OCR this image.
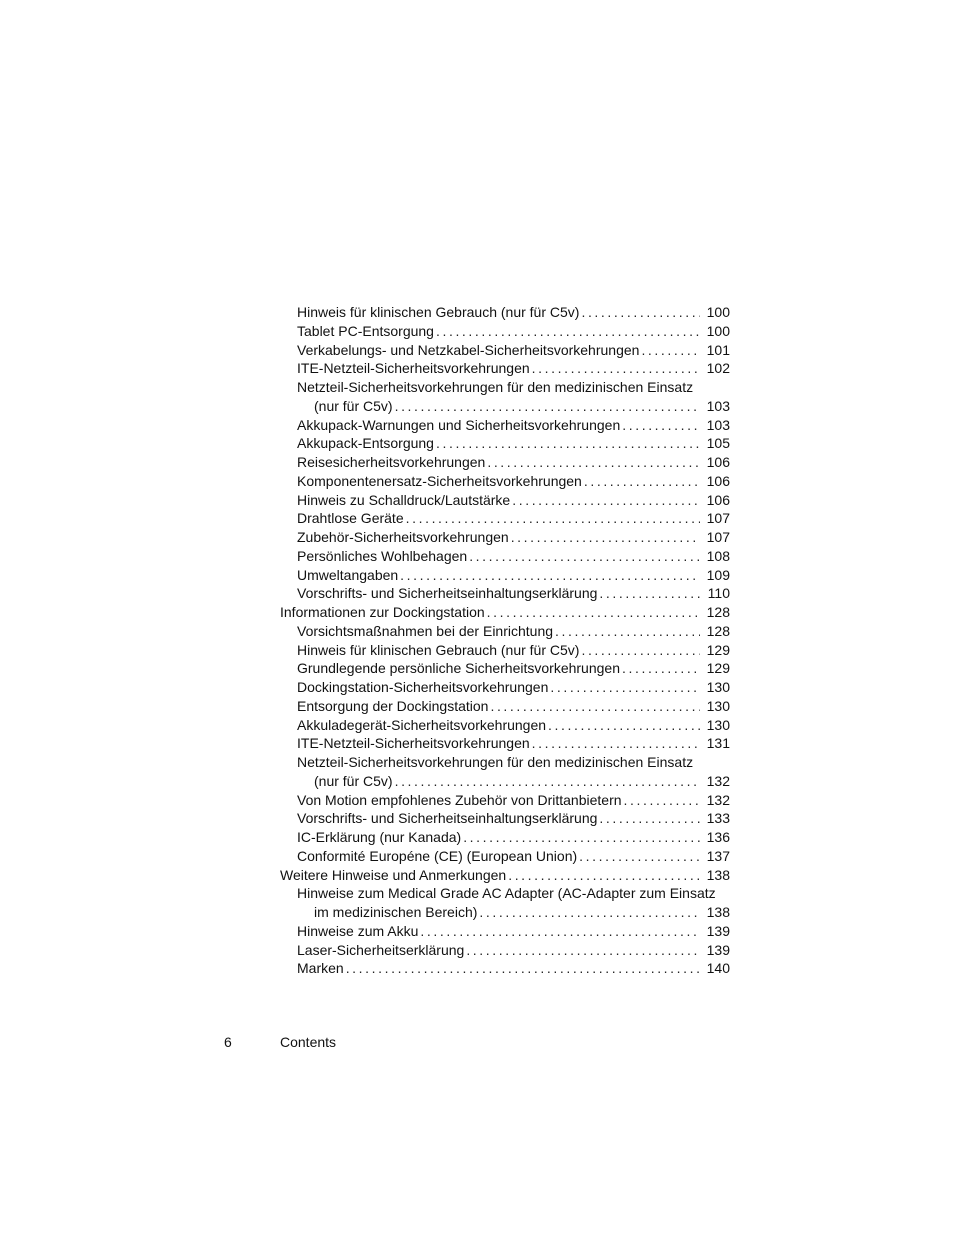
Hinweis für klinischen Gebrauch (nur für C5v) .....	100
Tablet PC-Entsorgung .....	100
Verkabelungs- und Netzkabel-Sicherheitsvorkehrungen .....	101
ITE-Netzteil-Sicherheitsvorkehrungen .....	102
Netzteil-Sicherheitsvorkehrungen für den medizinischen Einsatz
(nur für C5v) .....	103
Akkupack-Warnungen und Sicherheitsvorkehrungen .....	103
Akkupack-Entsorgung .....	105
Reisesicherheitsvorkehrungen .....	106
Komponentenersatz-Sicherheitsvorkehrungen .....	106
Hinweis zu Schalldruck/Lautstärke .....	106
Drahtlose Geräte .....	107
Zubehör-Sicherheitsvorkehrungen .....	107
Persönliches Wohlbehagen .....	108
Umweltangaben .....	109
Vorschrifts- und Sicherheitseinhaltungserklärung .....	110
Informationen zur Dockingstation .....	128
Vorsichtsmaßnahmen bei der Einrichtung .....	128
Hinweis für klinischen Gebrauch (nur für C5v) .....	129
Grundlegende persönliche Sicherheitsvorkehrungen .....	129
Dockingstation-Sicherheitsvorkehrungen .....	130
Entsorgung der Dockingstation .....	130
Akkuladegerät-Sicherheitsvorkehrungen .....	130
ITE-Netzteil-Sicherheitsvorkehrungen .....	131
Netzteil-Sicherheitsvorkehrungen für den medizinischen Einsatz
(nur für C5v) .....	132
Von Motion empfohlenes Zubehör von Drittanbietern .....	132
Vorschrifts- und Sicherheitseinhaltungserklärung .....	133
IC-Erklärung (nur Kanada) .....	136
Conformité Européne (CE) (European Union) .....	137
Weitere Hinweise und Anmerkungen .....	138
Hinweise zum Medical Grade AC Adapter (AC-Adapter zum Einsatz
im medizinischen Bereich) .....	138
Hinweise zum Akku .....	139
Laser-Sicherheitserklärung .....	139
Marken .....	140
6	Contents
